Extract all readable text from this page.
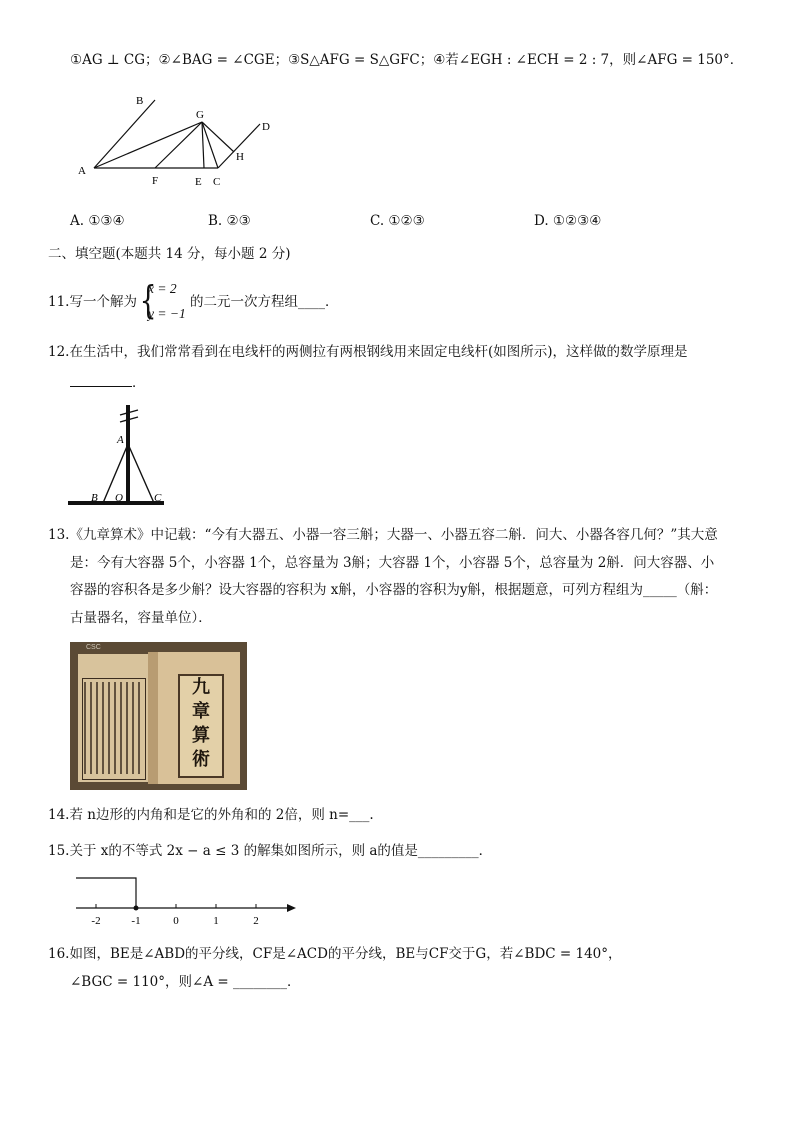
①AG ⊥ CG；②∠BAG = ∠CGE；③S△AFG = S△GFC；④若∠EGH : ∠ECH = 2 : 7，则∠AFG = 150°．
A
B
G
D
H
F	E C
A. ①③④	B. ②③	C. ①②③	D. ①②③④
二、填空题(本题共 14 分，每小题 2 分)
11.写一个解为 {
x = 2
y = −1
的二元一次方程组____．
12.在生活中，我们常常看到在电线杆的两侧拉有两根钢线用来固定电线杆(如图所示)，这样做的数学原理是
．
A
B O	C
13.《九章算术》中记载：“今有大器五、小器一容三斛；大器一、小器五容二斛．问大、小器各容几何？”其大意
是：今有大容器 5个，小容器 1个，总容量为 3斛；大容器 1个，小容器 5个，总容量为 2斛．问大容器、小
容器的容积各是多少斛？设大容器的容积为 x斛，小容器的容积为y斛，根据题意，可列方程组为_____（斛：
古量器名，容量单位）．
CSC
九
章
算
術
14.若 n边形的内角和是它的外角和的 2倍，则 n=___.
15.关于 x的不等式 2x − a ≤ 3 的解集如图所示，则 a的值是_________．
-2	-1	0	1	2
16.如图，BE是∠ABD的平分线，CF是∠ACD的平分线，BE与CF交于G，若∠BDC = 140°，
∠BGC = 110°，则∠A = ________．
